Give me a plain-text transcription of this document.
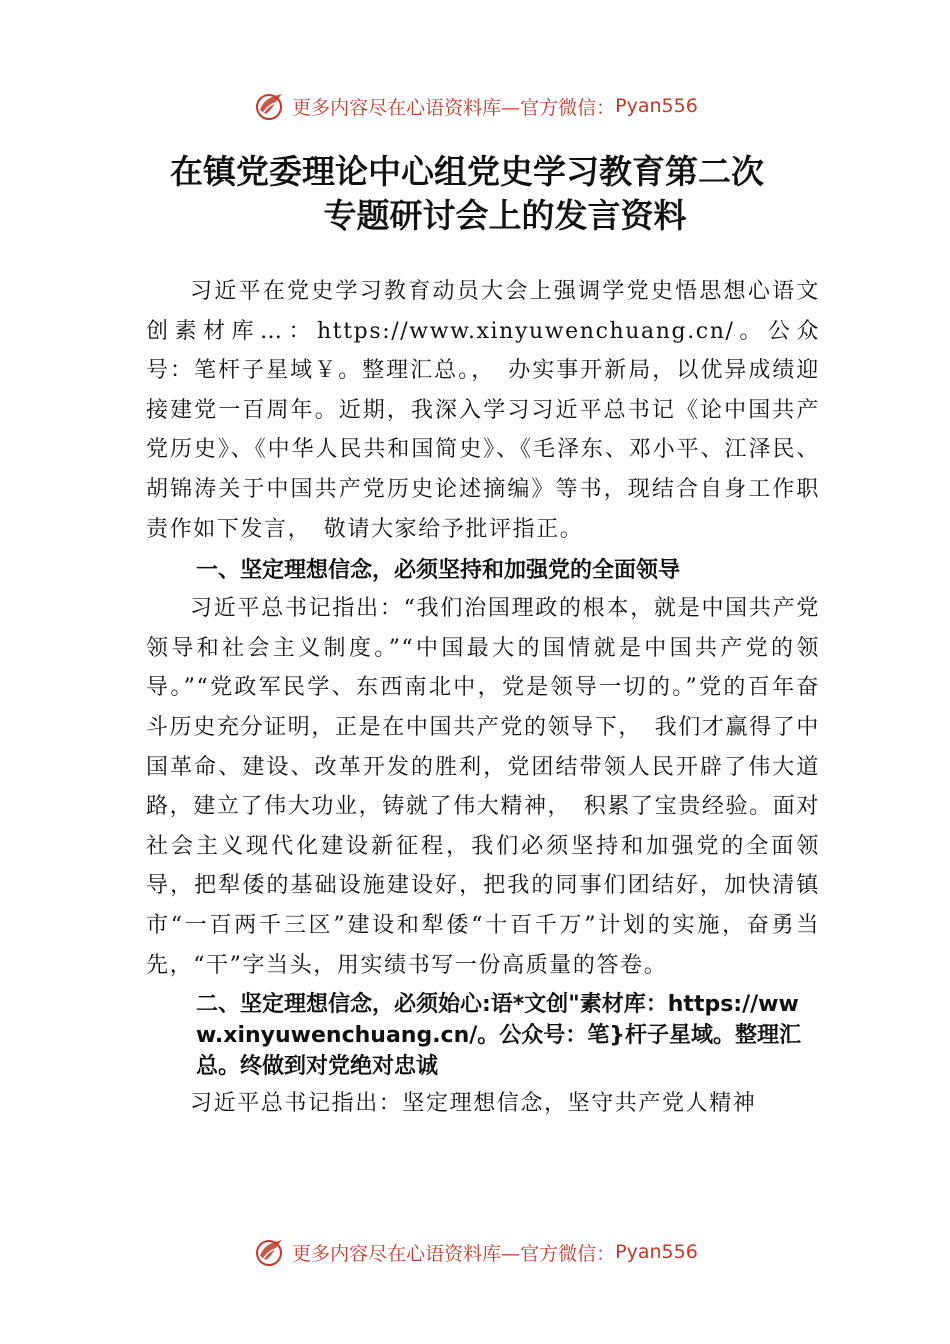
更多内容尽在心语资料库—官方微信： Pyan556
在镇党委理论中心组党史学习教育第二次
专题研讨会上的发言资料

习近平在党史学习教育动员大会上强调学党史悟思想心语文创素材库…：https://www.xinyuwenchuang.cn/。公众号：笔杆子星域￥。整理汇总。，　办实事开新局，以优异成绩迎接建党一百周年。近期，我深入学习习近平总书记《论中国共产党历史》、《中华人民共和国简史》、《毛泽东、邓小平、江泽民、胡锦涛关于中国共产党历史论述摘编》等书，现结合自身工作职责作如下发言，　敬请大家给予批评指正。

一、坚定理想信念，必须坚持和加强党的全面领导

习近平总书记指出：“我们治国理政的根本，就是中国共产党领导和社会主义制度。”“中国最大的国情就是中国共产党的领导。”“党政军民学、东西南北中，党是领导一切的。”党的百年奋斗历史充分证明，正是在中国共产党的领导下，　我们才赢得了中国革命、建设、改革开发的胜利，党团结带领人民开辟了伟大道路，建立了伟大功业，铸就了伟大精神，　积累了宝贵经验。面对社会主义现代化建设新征程，我们必须坚持和加强党的全面领导，把犁倭的基础设施建设好，把我的同事们团结好，加快清镇市“一百两千三区”建设和犁倭“十百千万”计划的实施，奋勇当先，“干”字当头，用实绩书写一份高质量的答卷。

二、坚定理想信念，必须始心:语*文创"素材库：https://www.xinyuwenchuang.cn/。公众号：笔}杆子星域。整理汇总。终做到对党绝对忠诚

习近平总书记指出：坚定理想信念，坚守共产党人精神

更多内容尽在心语资料库—官方微信： Pyan556
